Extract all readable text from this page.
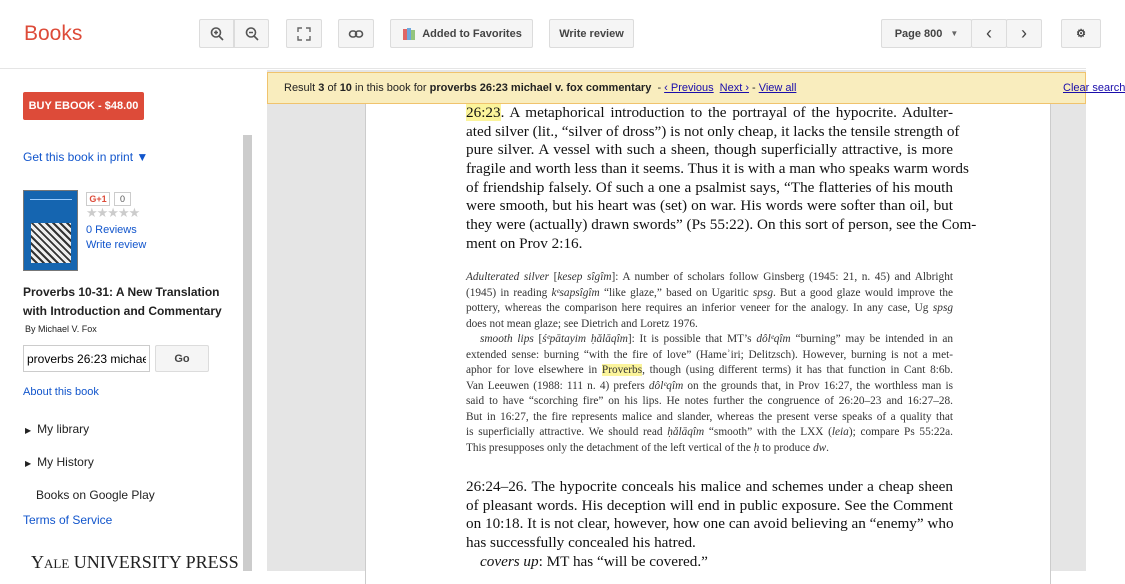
Books	Added to Favorites	Write review	Page 800 ▼ ‹ ›	⚙
BUY EBOOK - $48.00
Get this book in print ▼
G+1	0
★★★★★
0 Reviews
Write review
Proverbs 10-31: A New Translation with Introduction and Commentary
By Michael V. Fox
proverbs 26:23 michael v. fox commentary
Go
About this book
▶ My library
▶ My History
Books on Google Play
Terms of Service
Yale UNIVERSITY PRESS
26:23. A metaphorical introduction to the portrayal of the hypocrite. Adulter-
ated silver (lit., “silver of dross”) is not only cheap, it lacks the tensile strength of
pure silver. A vessel with such a sheen, though superficially attractive, is more
fragile and worth less than it seems. Thus it is with a man who speaks warm words
of friendship falsely. Of such a one a psalmist says, “The flatteries of his mouth
were smooth, but his heart was (set) on war. His words were softer than oil, but
they were (actually) drawn swords” (Ps 55:22). On this sort of person, see the Com-
ment on Prov 2:16.
Adulterated silver [kesep sîgîm]: A number of scholars follow Ginsberg (1945: 21, n. 45) and Albright
(1945) in reading kᵉsapsîgîm “like glaze,” based on Ugaritic spsg. But a good glaze would improve the
pottery, whereas the comparison here requires an inferior veneer for the analogy. In any case, Ug spsg
does not mean glaze; see Dietrich and Loretz 1976.
smooth lips [śᵉpātayim ḥălāqîm]: It is possible that MT’s dôlᵉqîm “burning” may be intended in an
extended sense: burning “with the fire of love” (Hameʾiri; Delitzsch). However, burning is not a met-
aphor for love elsewhere in Proverbs, though (using different terms) it has that function in Cant 8:6b.
Van Leeuwen (1988: 111 n. 4) prefers dôlᵉqîm on the grounds that, in Prov 16:27, the worthless man is
said to have “scorching fire” on his lips. He notes further the congruence of 26:20–23 and 16:27–28.
But in 16:27, the fire represents malice and slander, whereas the present verse speaks of a quality that
is superficially attractive. We should read ḥălāqîm “smooth” with the LXX (leia); compare Ps 55:22a.
This presupposes only the detachment of the left vertical of the ḥ to produce dw.
26:24–26. The hypocrite conceals his malice and schemes under a cheap sheen
of pleasant words. His deception will end in public exposure. See the Comment
on 10:18. It is not clear, however, how one can avoid believing an “enemy” who
has successfully concealed his hatred.
covers up: MT has “will be covered.”
Result
3
of
10
in this book for
proverbs 26:23 michael v. fox commentary
- ‹ Previous Next › - View all	Clear search
